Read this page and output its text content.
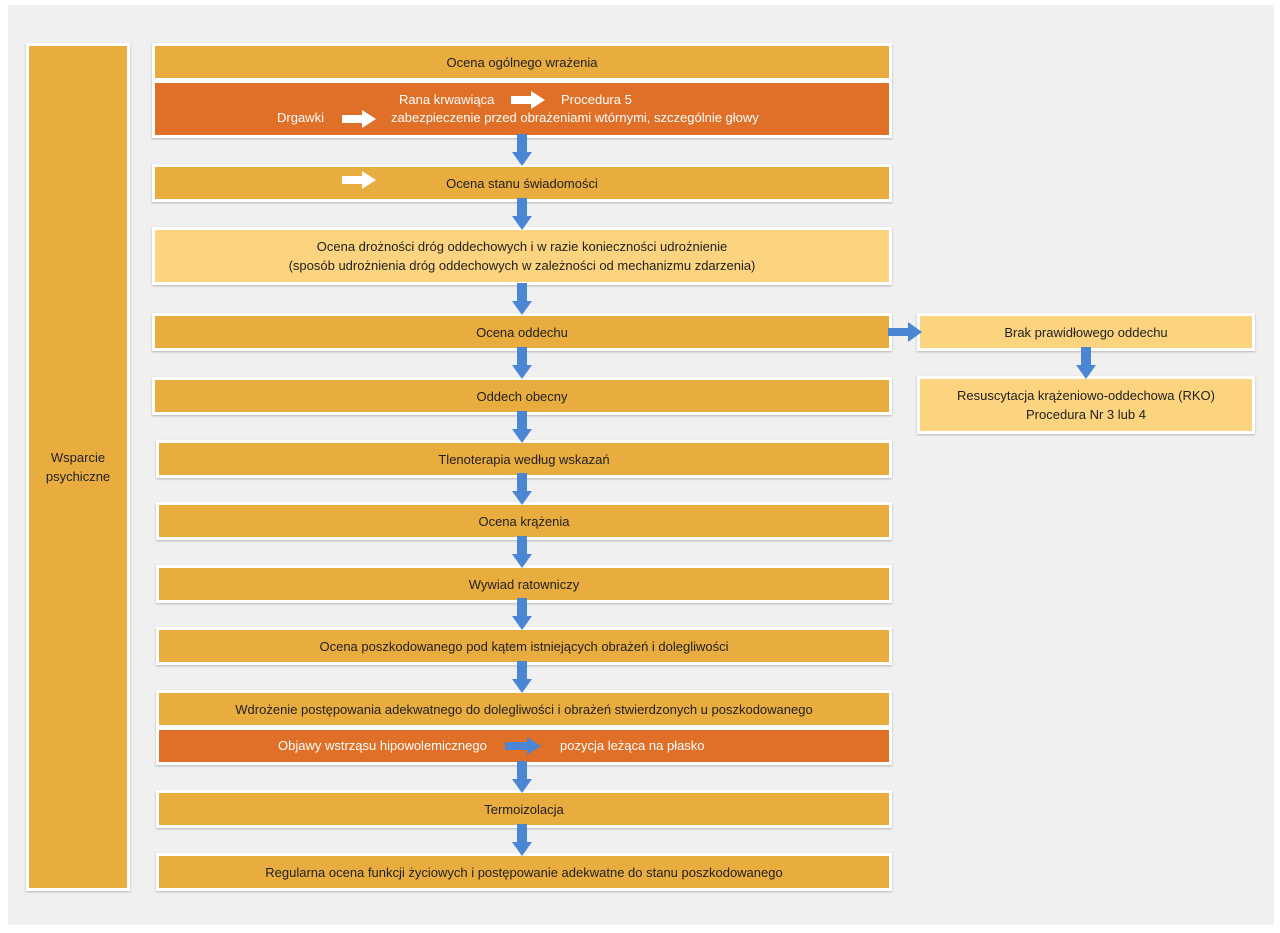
Wsparcie
psychiczne
Ocena ogólnego wrażenia
Rana krwawiąca	Procedura 5
Drgawki	zabezpieczenie przed obrażeniami wtórnymi, szczególnie głowy
Ocena stanu świadomości
Ocena drożności dróg oddechowych i w razie konieczności udrożnienie
(sposób udrożnienia dróg oddechowych w zależności od mechanizmu zdarzenia)
Ocena oddechu
Oddech obecny
Tlenoterapia według wskazań
Ocena krążenia
Wywiad ratowniczy
Ocena poszkodowanego pod kątem istniejących obrażeń i dolegliwości
Wdrożenie postępowania adekwatnego do dolegliwości i obrażeń stwierdzonych u poszkodowanego
Objawy wstrząsu hipowolemicznego	pozycja leżąca na płasko
Termoizolacja
Regularna ocena funkcji życiowych i postępowanie adekwatne do stanu poszkodowanego
Brak prawidłowego oddechu
Resuscytacja krążeniowo-oddechowa (RKO)
Procedura Nr 3 lub 4
